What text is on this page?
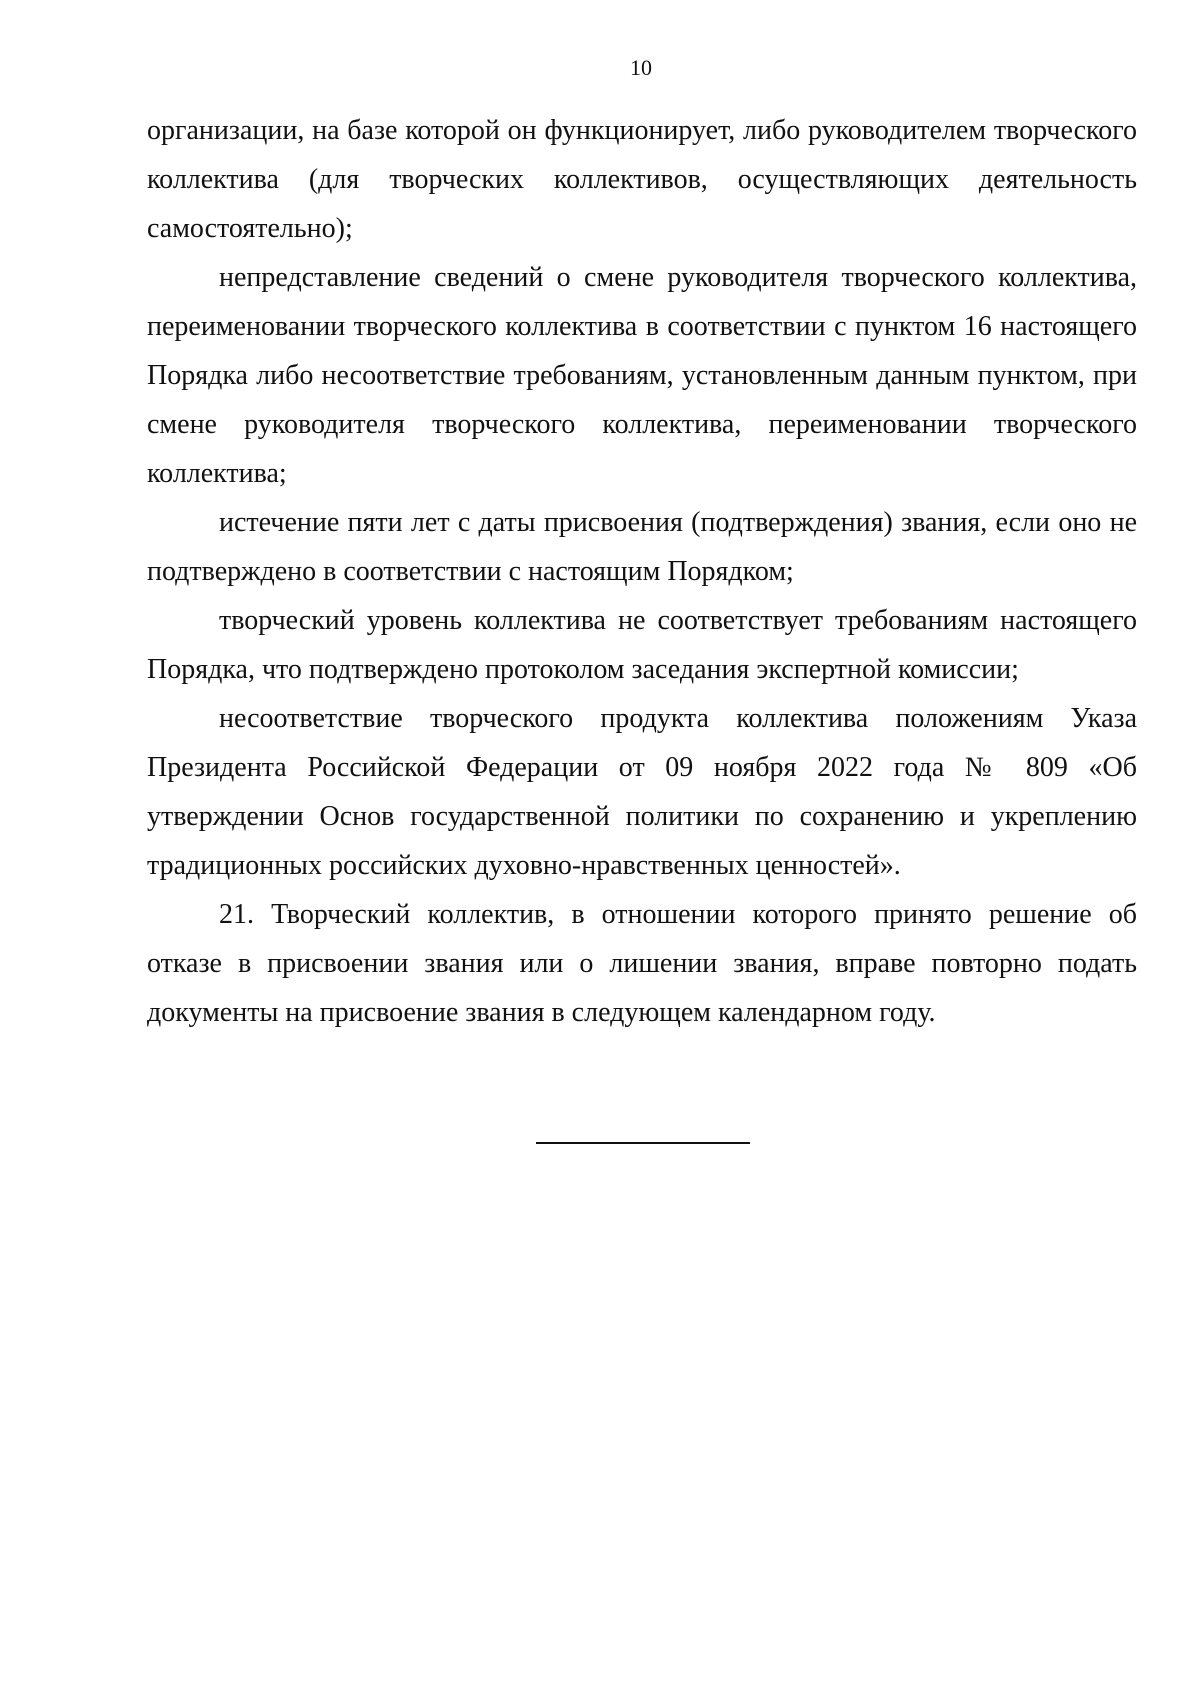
10

организации, на базе которой он функционирует, либо руководителем творческого коллектива (для творческих коллективов, осуществляющих деятельность самостоятельно);

непредставление сведений о смене руководителя творческого коллектива, переименовании творческого коллектива в соответствии с пунктом 16 настоящего Порядка либо несоответствие требованиям, установленным данным пунктом, при смене руководителя творческого коллектива, переименовании творческого коллектива;

истечение пяти лет с даты присвоения (подтверждения) звания, если оно не подтверждено в соответствии с настоящим Порядком;

творческий уровень коллектива не соответствует требованиям настоящего Порядка, что подтверждено протоколом заседания экспертной комиссии;

несоответствие творческого продукта коллектива положениям Указа Президента Российской Федерации от 09 ноября 2022 года № 809 «Об утверждении Основ государственной политики по сохранению и укреплению традиционных российских духовно-нравственных ценностей».

21. Творческий коллектив, в отношении которого принято решение об отказе в присвоении звания или о лишении звания, вправе повторно подать документы на присвоение звания в следующем календарном году.
